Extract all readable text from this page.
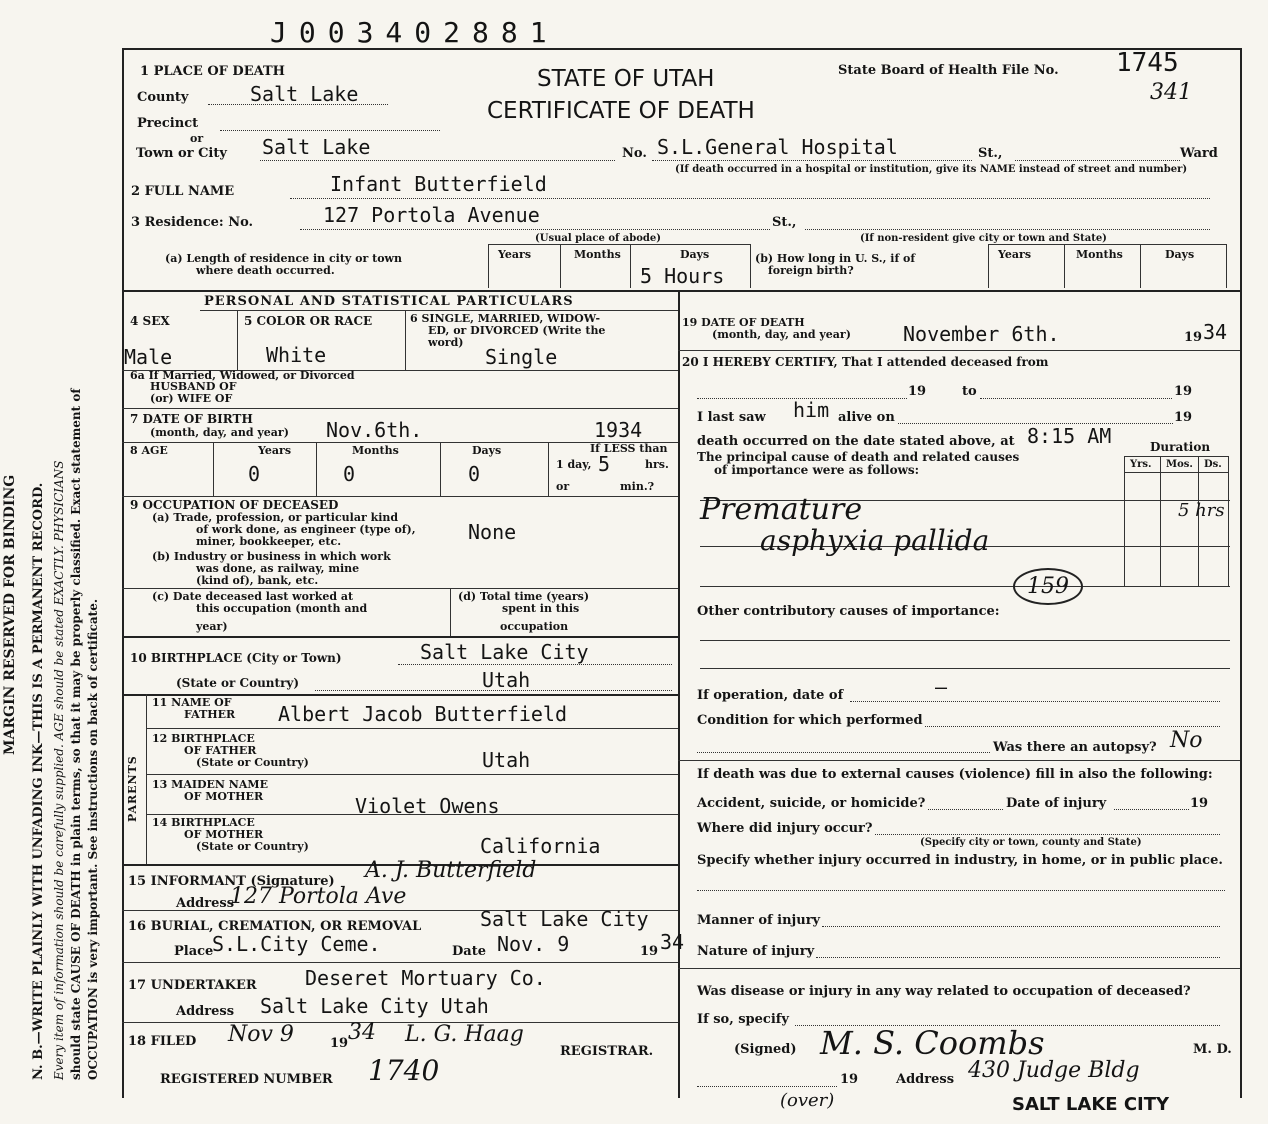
MARGIN RESERVED FOR BINDING N. B.—WRITE PLAINLY WITH UNFADING INK—THIS IS A PERMANENT RECORD. Every item of information should be carefully supplied. AGE should be stated EXACTLY. PHYSICIANS should state CAUSE OF DEATH in plain terms, so that it may be properly classified. Exact statement of OCCUPATION is very important. See instructions on back of certificate.
J003402881
STATE OF UTAH
CERTIFICATE OF DEATH
State Board of Health File No. 1745
341
1 PLACE OF DEATH
County	Salt Lake
Precinct
or
Town or City Salt Lake	No. S.L.General Hospital	St.,	Ward
(If death occurred in a hospital or institution, give its NAME instead of street and number)
2 FULL NAME	Infant Butterfield
3 Residence: No.	127 Portola Avenue	St.,
(Usual place of abode)	(If non-resident give city or town and State)
(a) Length of residence in city or town
where death occurred.
Years	Months	Days
5 Hours
(b) How long in U. S., if of
foreign birth?
Years	Months	Days
PERSONAL AND STATISTICAL PARTICULARS
4 SEX
Male
5 COLOR OR RACE
White
6 SINGLE, MARRIED, WIDOW-
ED, or DIVORCED (Write the
word)
Single
6a If Married, Widowed, or Divorced
HUSBAND OF
(or) WIFE OF
7 DATE OF BIRTH
(month, day, and year) Nov.6th.	1934
8 AGE	Years	Months	Days
0	0	0
If LESS than
1 day, 5	hrs.
or	min.?
9 OCCUPATION OF DECEASED
(a) Trade, profession, or particular kind
of work done, as engineer (type of),
miner, bookkeeper, etc.	None
(b) Industry or business in which work
was done, as railway, mine
(kind of), bank, etc.
(c) Date deceased last worked at
this occupation (month and
year)
(d) Total time (years)
spent in this
occupation
10 BIRTHPLACE (City or Town)	Salt Lake City
(State or Country)	Utah
PARENTS
11 NAME OF
FATHER Albert Jacob Butterfield
12 BIRTHPLACE
OF FATHER
(State or Country)	Utah
13 MAIDEN NAME
OF MOTHER	Violet Owens
14 BIRTHPLACE
OF MOTHER
(State or Country)	California
15 INFORMANT (Signature) A. J. Butterfield
Address
127 Portola Ave
16 BURIAL, CREMATION, OR REMOVAL	Salt Lake City
Place
S.L.City Ceme.	Date Nov. 9	19 34
17 UNDERTAKER Deseret Mortuary Co.
Address Salt Lake City Utah
18 FILED Nov 9	19 34 L. G. Haag
REGISTRAR.
REGISTERED NUMBER 1740
19 DATE OF DEATH
(month, day, and year)	November 6th.	19 34
20 I HEREBY CERTIFY, That I attended deceased from
19	to	19
I last saw him alive on	19
death occurred on the date stated above, at 8:15 AM	Duration
The principal cause of death and related causes
of importance were as follows:	Yrs. Mos. Ds.
Premature	5 hrs
asphyxia pallida
159
Other contributory causes of importance:
If operation, date of	—
Condition for which performed
Was there an autopsy? No
If death was due to external causes (violence) fill in also the following:
Accident, suicide, or homicide?	Date of injury	19
Where did injury occur?
(Specify city or town, county and State)
Specify whether injury occurred in industry, in home, or in public place.
Manner of injury
Nature of injury
Was disease or injury in any way related to occupation of deceased?
If so, specify
(Signed) M. S. Coombs	M. D.
19	Address 430 Judge Bldg
SALT LAKE CITY
(over)
